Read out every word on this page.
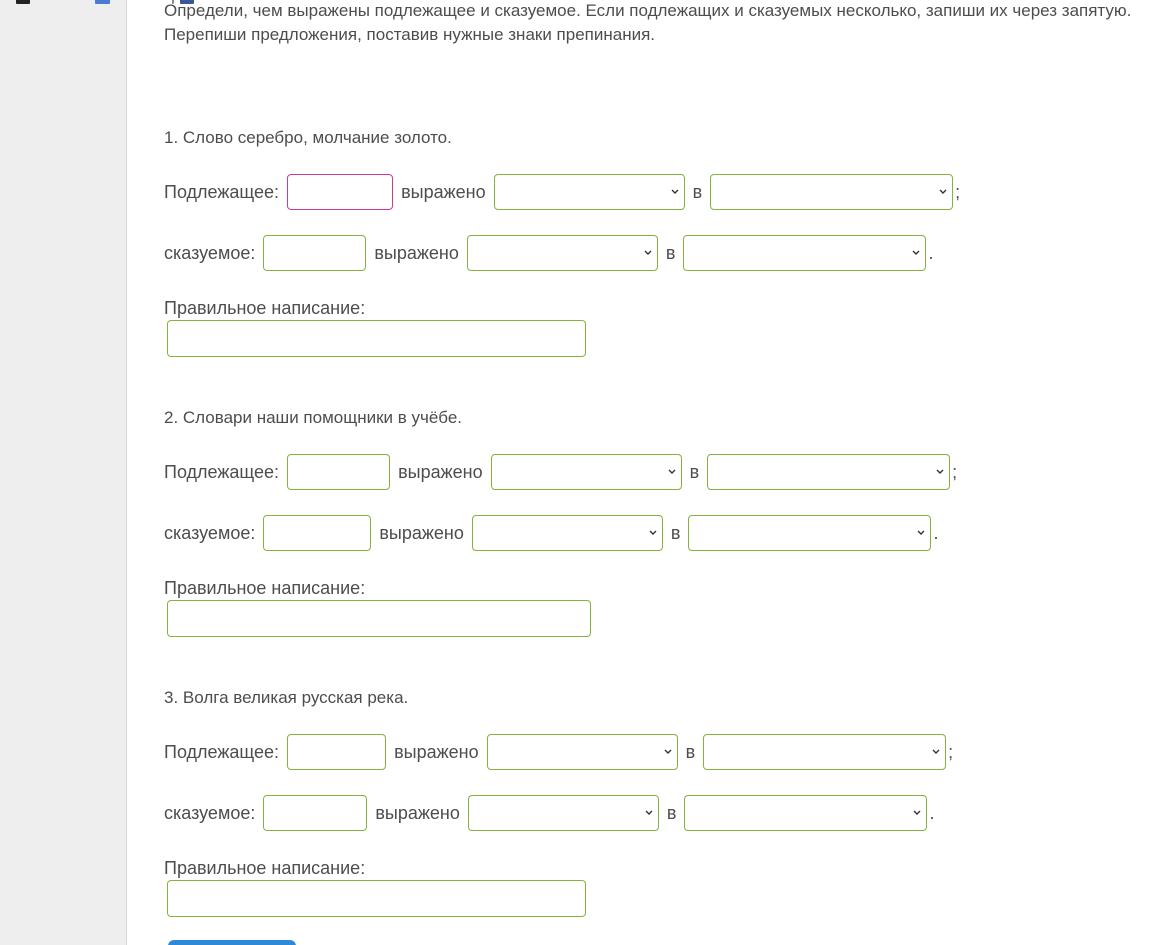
Определи, чем выражены подлежащее и сказуемое. Если подлежащих и сказуемых несколько, запиши их через запятую.

Перепиши предложения, поставив нужные знаки препинания.

1. Слово серебро, молчание золото.
Подлежащее:	выражено	в	;
сказуемое:	выражено	в	.
Правильное написание:
2. Словари наши помощники в учёбе.
Подлежащее:	выражено	в	;
сказуемое:	выражено	в	.
Правильное написание:
3. Волга великая русская река.
Подлежащее:	выражено	в	;
сказуемое:	выражено	в	.
Правильное написание:
